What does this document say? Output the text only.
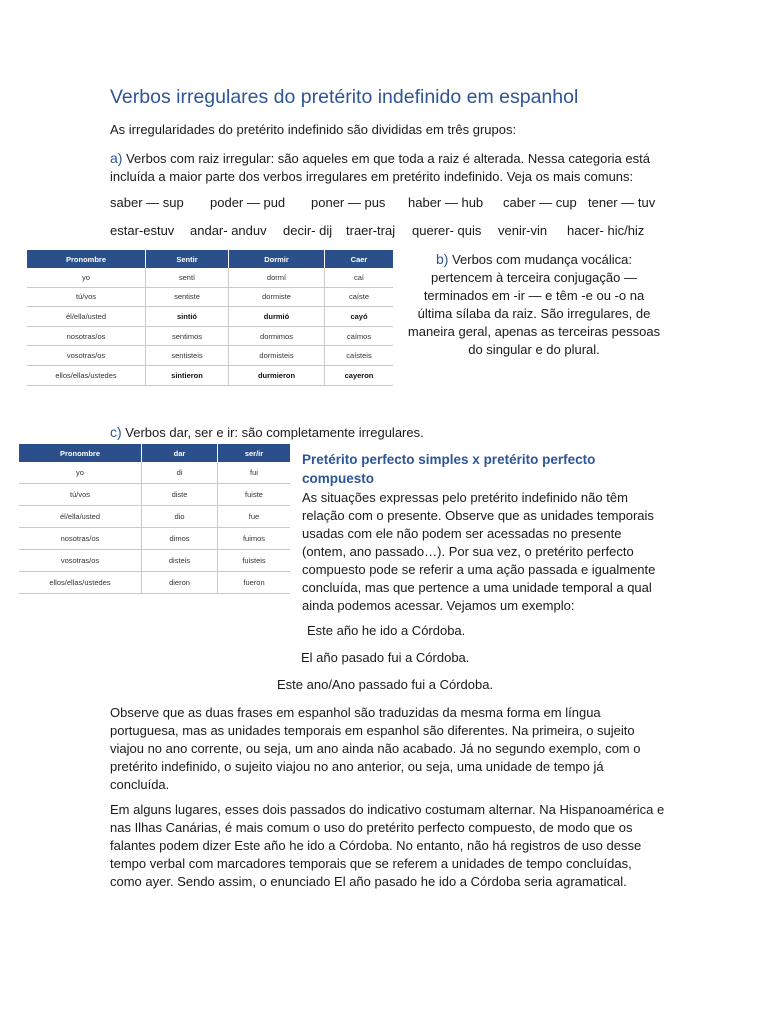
Verbos irregulares do pretérito indefinido em espanhol
As irregularidades do pretérito indefinido são divididas em três grupos:
a) Verbos com raiz irregular: são aqueles em que toda a raiz é alterada. Nessa categoria está
incluída a maior parte dos verbos irregulares em pretérito indefinido. Veja os mais comuns:
saber — sup	poder — pud	poner — pus	haber — hub	caber — cup tener — tuv
estar-estuv	andar- anduv	decir- dij	traer-traj	querer- quis	venir-vin	hacer- hic/hiz
Pronombre	Sentir	Dormir	Caer
yo	sentí	dormí	caí
tú/vos	sentiste	dormiste	caíste
él/ella/usted	sintió	durmió	cayó
nosotras/os	sentimos	dormimos	caímos
vosotras/os	sentisteis	dormisteis	caísteis
ellos/ellas/ustedes	sintieron	durmieron	cayeron
b) Verbos com mudança vocálica:
pertencem à terceira conjugação —
terminados em -ir — e têm -e ou -o na
última sílaba da raiz. São irregulares, de
maneira geral, apenas as terceiras pessoas
do singular e do plural.
c) Verbos dar, ser e ir: são completamente irregulares.
Pronombre	dar	ser/ir
yo	di	fui
tú/vos	diste	fuiste
él/ella/usted	dio	fue
nosotras/os	dimos	fuimos
vosotras/os	disteis	fuisteis
ellos/ellas/ustedes	dieron	fueron
Pretérito perfecto simples x pretérito perfecto
compuesto
As situações expressas pelo pretérito indefinido não têm
relação com o presente. Observe que as unidades temporais
usadas com ele não podem ser acessadas no presente
(ontem, ano passado…). Por sua vez, o pretérito perfecto
compuesto pode se referir a uma ação passada e igualmente
concluída, mas que pertence a uma unidade temporal a qual
ainda podemos acessar. Vejamos um exemplo:
Este año he ido a Córdoba.
El año pasado fui a Córdoba.
Este ano/Ano passado fui a Córdoba.
Observe que as duas frases em espanhol são traduzidas da mesma forma em língua
portuguesa, mas as unidades temporais em espanhol são diferentes. Na primeira, o sujeito
viajou no ano corrente, ou seja, um ano ainda não acabado. Já no segundo exemplo, com o
pretérito indefinido, o sujeito viajou no ano anterior, ou seja, uma unidade de tempo já
concluída.
Em alguns lugares, esses dois passados do indicativo costumam alternar. Na Hispanoamérica e
nas Ilhas Canárias, é mais comum o uso do pretérito perfecto compuesto, de modo que os
falantes podem dizer Este año he ido a Córdoba. No entanto, não há registros de uso desse
tempo verbal com marcadores temporais que se referem a unidades de tempo concluídas,
como ayer. Sendo assim, o enunciado El año pasado he ido a Córdoba seria agramatical.
